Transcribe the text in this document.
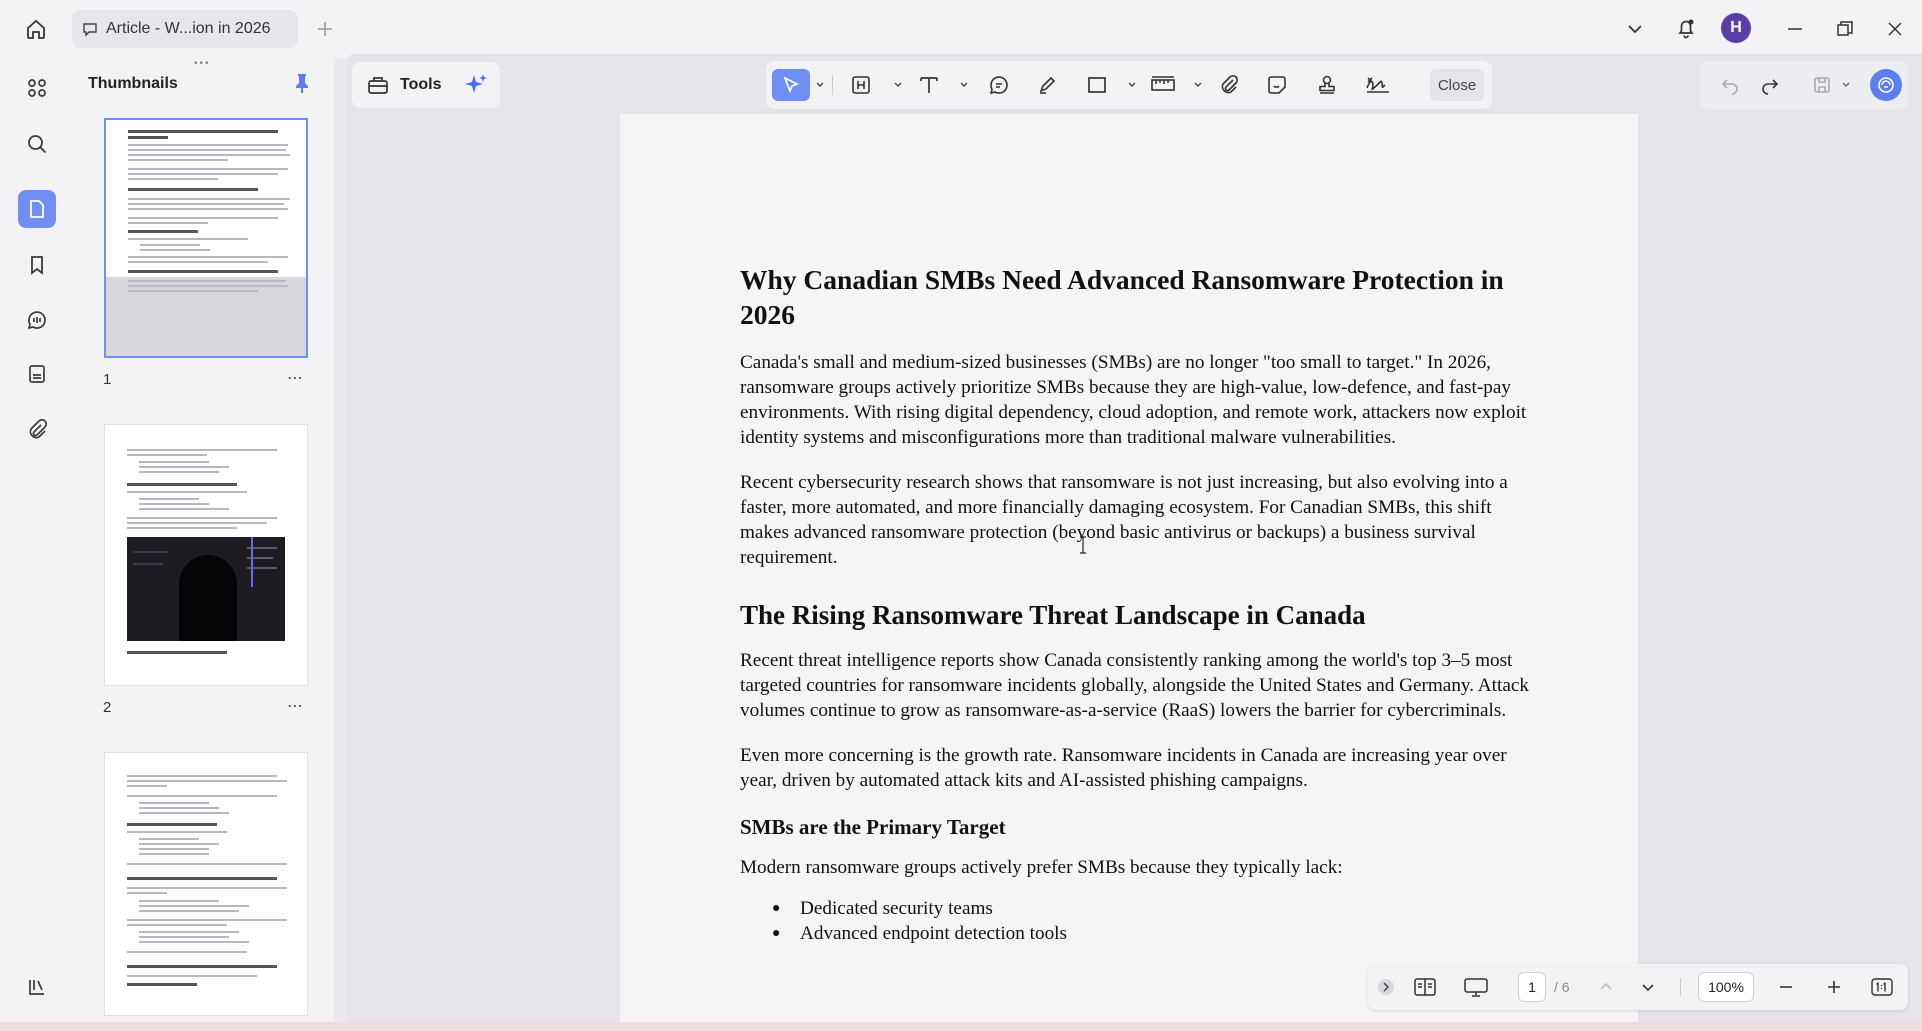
Article - W...ion in 2026	H
•••
Thumbnails
1	⋯
2	⋯
Tools	Close
Why Canadian SMBs Need Advanced Ransomware Protection in 2026

Canada's small and medium-sized businesses (SMBs) are no longer "too small to target." In 2026, ransomware groups actively prioritize SMBs because they are high-value, low-defence, and fast-pay environments. With rising digital dependency, cloud adoption, and remote work, attackers now exploit identity systems and misconfigurations more than traditional malware vulnerabilities.

Recent cybersecurity research shows that ransomware is not just increasing, but also evolving into a faster, more automated, and more financially damaging ecosystem. For Canadian SMBs, this shift makes advanced ransomware protection (beyond basic antivirus or backups) a business survival requirement.

The Rising Ransomware Threat Landscape in Canada

Recent threat intelligence reports show Canada consistently ranking among the world's top 3–5 most targeted countries for ransomware incidents globally, alongside the United States and Germany. Attack volumes continue to grow as ransomware-as-a-service (RaaS) lowers the barrier for cybercriminals.

Even more concerning is the growth rate. Ransomware incidents in Canada are increasing year over year, driven by automated attack kits and AI-assisted phishing campaigns.

SMBs are the Primary Target

Modern ransomware groups actively prefer SMBs because they typically lack:

● Dedicated security teams
● Advanced endpoint detection tools
1	/ 6	100%
